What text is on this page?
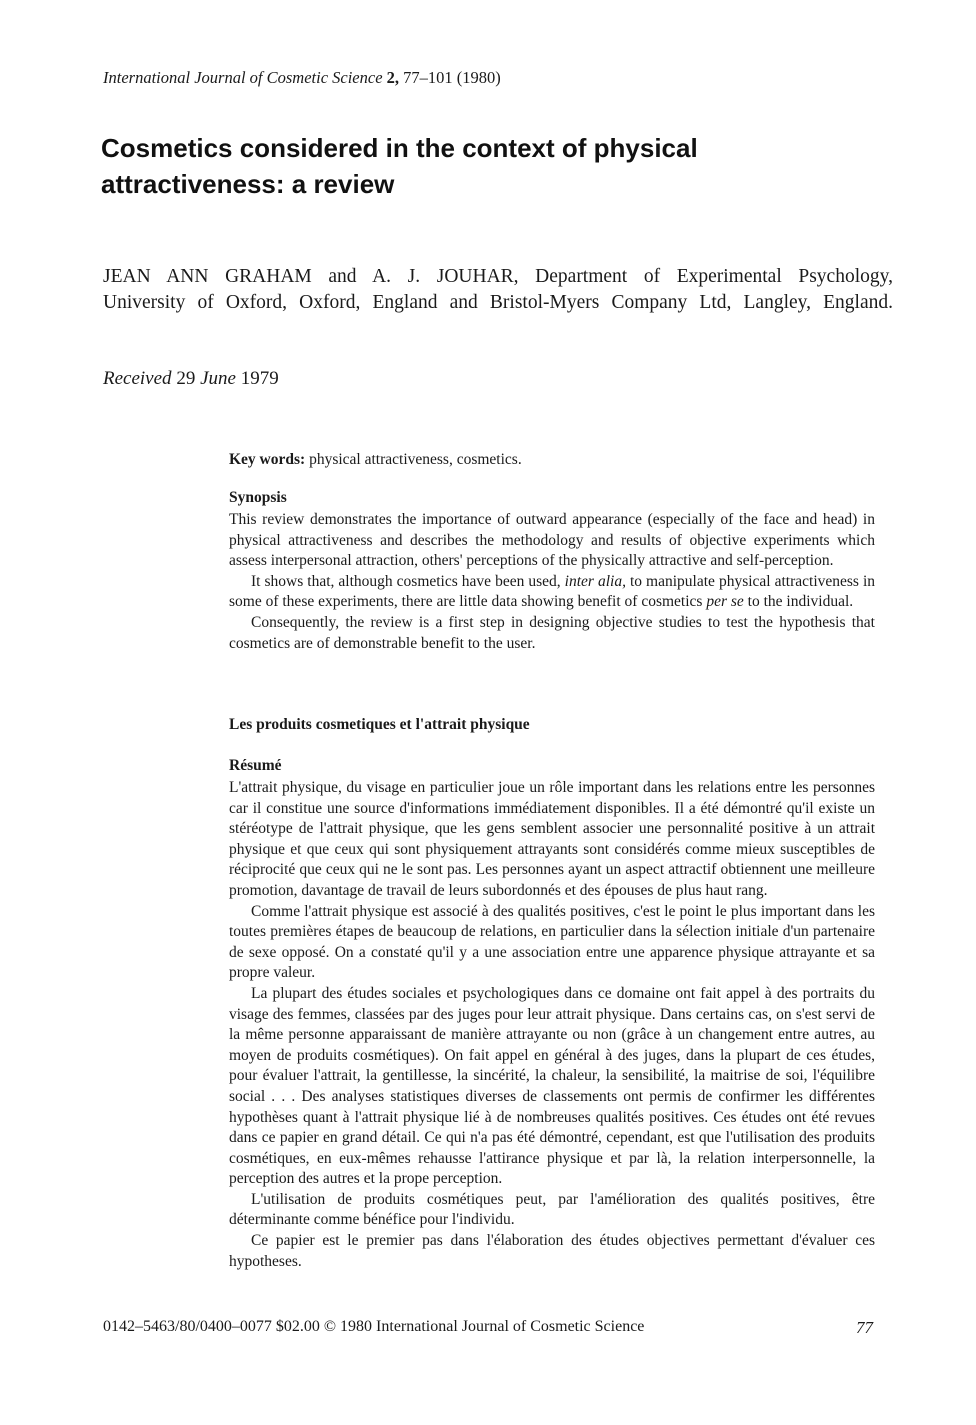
International Journal of Cosmetic Science 2, 77–101 (1980)
Cosmetics considered in the context of physical attractiveness: a review
JEAN ANN GRAHAM and A. J. JOUHAR, Department of Experimental Psychology,
University of Oxford, Oxford, England and Bristol-Myers Company Ltd, Langley, England.
Received 29 June 1979
Key words: physical attractiveness, cosmetics.
Synopsis

This review demonstrates the importance of outward appearance (especially of the face and head) in physical attractiveness and describes the methodology and results of objective experiments which assess interpersonal attraction, others' perceptions of the physically attractive and self-perception.

It shows that, although cosmetics have been used, inter alia, to manipulate physical attractiveness in some of these experiments, there are little data showing benefit of cosmetics per se to the individual.

Consequently, the review is a first step in designing objective studies to test the hypothesis that cosmetics are of demonstrable benefit to the user.

Les produits cosmetiques et l'attrait physique
Résumé

L'attrait physique, du visage en particulier joue un rôle important dans les relations entre les personnes car il constitue une source d'informations immédiatement disponibles. Il a été démontré qu'il existe un stéréotype de l'attrait physique, que les gens semblent associer une personnalité positive à un attrait physique et que ceux qui sont physiquement attrayants sont considérés comme mieux susceptibles de réciprocité que ceux qui ne le sont pas. Les personnes ayant un aspect attractif obtiennent une meilleure promotion, davantage de travail de leurs subordonnés et des épouses de plus haut rang.

Comme l'attrait physique est associé à des qualités positives, c'est le point le plus important dans les toutes premières étapes de beaucoup de relations, en particulier dans la sélection initiale d'un partenaire de sexe opposé. On a constaté qu'il y a une association entre une apparence physique attrayante et sa propre valeur.

La plupart des études sociales et psychologiques dans ce domaine ont fait appel à des portraits du visage des femmes, classées par des juges pour leur attrait physique. Dans certains cas, on s'est servi de la même personne apparaissant de manière attrayante ou non (grâce à un changement entre autres, au moyen de produits cosmétiques). On fait appel en général à des juges, dans la plupart de ces études, pour évaluer l'attrait, la gentillesse, la sincérité, la chaleur, la sensibilité, la maitrise de soi, l'équilibre social . . . Des analyses statistiques diverses de classements ont permis de confirmer les différentes hypothèses quant à l'attrait physique lié à de nombreuses qualités positives. Ces études ont été revues dans ce papier en grand détail. Ce qui n'a pas été démontré, cependant, est que l'utilisation des produits cosmétiques, en eux-mêmes rehausse l'attirance physique et par là, la relation interpersonnelle, la perception des autres et la prope perception.

L'utilisation de produits cosmétiques peut, par l'amélioration des qualités positives, être déterminante comme bénéfice pour l'individu.

Ce papier est le premier pas dans l'élaboration des études objectives permettant d'évaluer ces hypotheses.

0142–5463/80/0400–0077 $02.00 © 1980 International Journal of Cosmetic Science	77
